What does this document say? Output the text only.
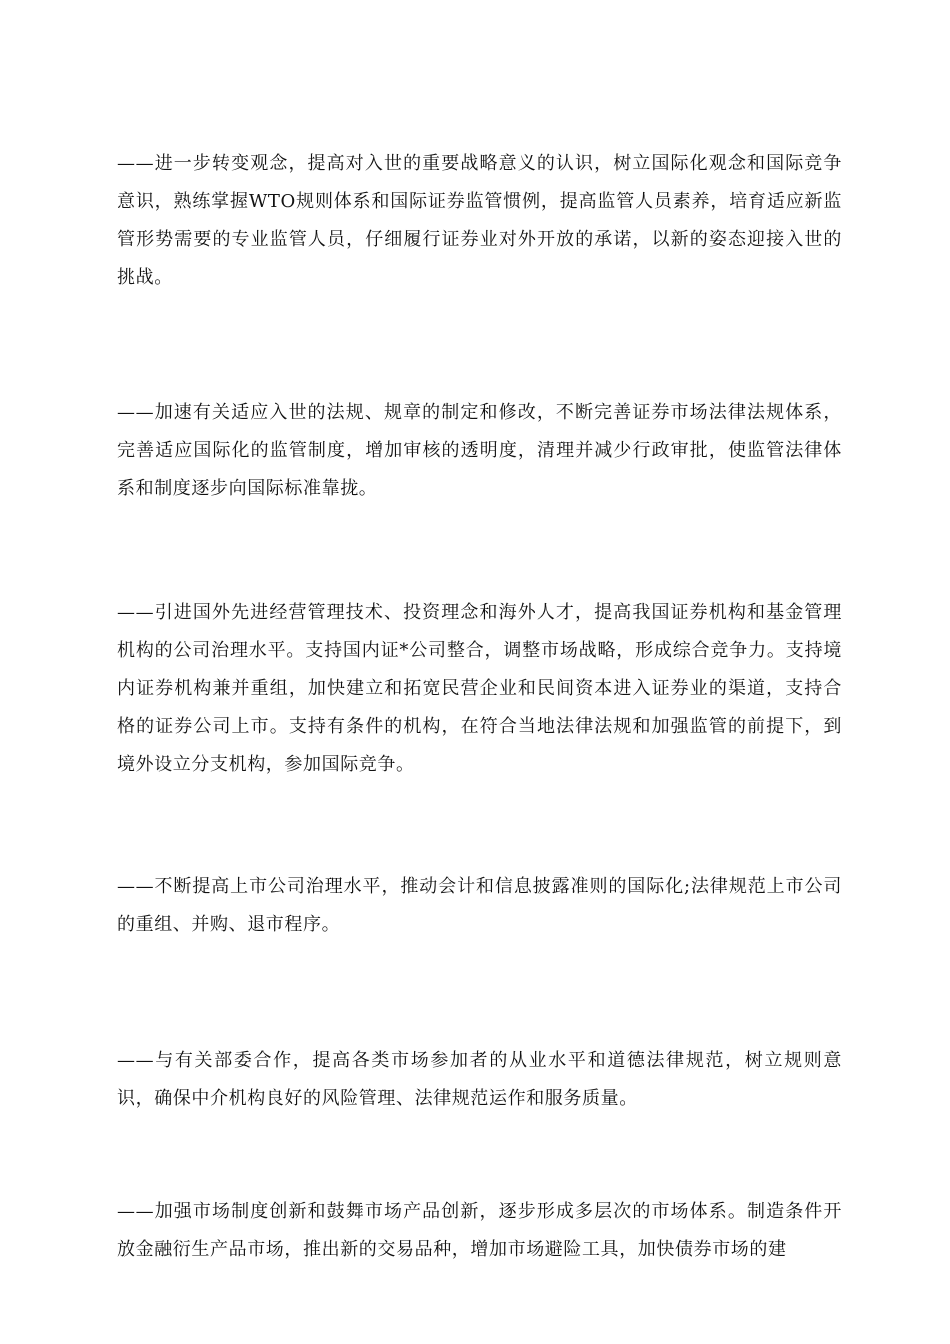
——进一步转变观念，提高对入世的重要战略意义的认识，树立国际化观念和国际竞争意识，熟练掌握WTO规则体系和国际证券监管惯例，提高监管人员素养，培育适应新监管形势需要的专业监管人员，仔细履行证券业对外开放的承诺，以新的姿态迎接入世的挑战。

——加速有关适应入世的法规、规章的制定和修改，不断完善证券市场法律法规体系，完善适应国际化的监管制度，增加审核的透明度，清理并减少行政审批，使监管法律体系和制度逐步向国际标准靠拢。

——引进国外先进经营管理技术、投资理念和海外人才，提高我国证券机构和基金管理机构的公司治理水平。支持国内证*公司整合，调整市场战略，形成综合竞争力。支持境内证券机构兼并重组，加快建立和拓宽民营企业和民间资本进入证券业的渠道，支持合格的证券公司上市。支持有条件的机构，在符合当地法律法规和加强监管的前提下，到境外设立分支机构，参加国际竞争。

——不断提高上市公司治理水平，推动会计和信息披露准则的国际化;法律规范上市公司的重组、并购、退市程序。

——与有关部委合作，提高各类市场参加者的从业水平和道德法律规范，树立规则意识，确保中介机构良好的风险管理、法律规范运作和服务质量。

——加强市场制度创新和鼓舞市场产品创新，逐步形成多层次的市场体系。制造条件开放金融衍生产品市场，推出新的交易品种，增加市场避险工具，加快债券市场的建
